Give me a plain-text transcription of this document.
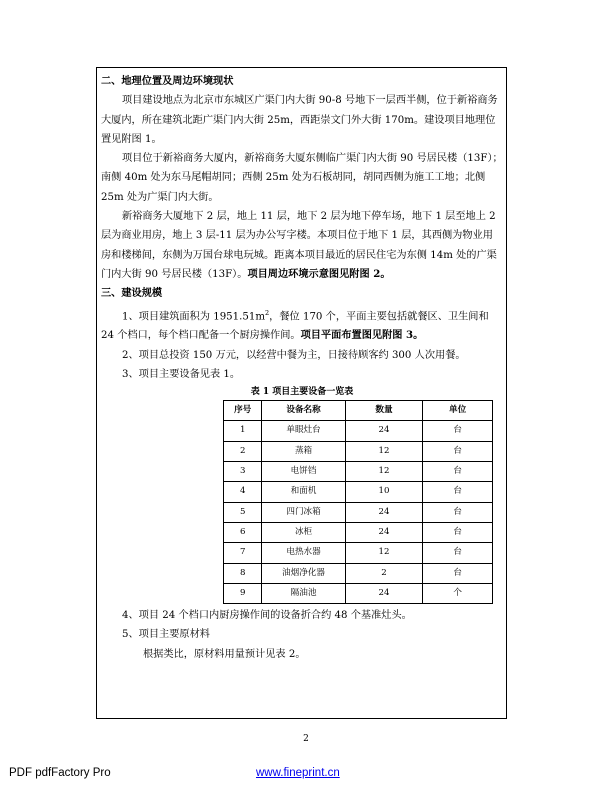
二、地理位置及周边环境现状

项目建设地点为北京市东城区广渠门内大街 90-8 号地下一层西半侧，位于新裕商务大厦内，所在建筑北距广渠门内大街 25m，西距崇文门外大街 170m。建设项目地理位置见附图 1。

项目位于新裕商务大厦内，新裕商务大厦东侧临广渠门内大街 90 号居民楼（13F）；南侧 40m 处为东马尾帽胡同；西侧 25m 处为石板胡同，胡同西侧为施工工地；北侧 25m 处为广渠门内大街。

新裕商务大厦地下 2 层，地上 11 层，地下 2 层为地下停车场，地下 1 层至地上 2 层为商业用房，地上 3 层-11 层为办公写字楼。本项目位于地下 1 层，其西侧为物业用房和楼梯间，东侧为万国台球电玩城。距离本项目最近的居民住宅为东侧 14m 处的广渠门内大街 90 号居民楼（13F）。项目周边环境示意图见附图 2。

三、建设规模

1、项目建筑面积为 $1951.51m^2$，餐位 170 个，平面主要包括就餐区、卫生间和 24 个档口，每个档口配备一个厨房操作间。项目平面布置图见附图 3。

2、项目总投资 150 万元，以经营中餐为主，日接待顾客约 300 人次用餐。

3、项目主要设备见表 1。

表 1 项目主要设备一览表
序号	设备名称	数量	单位
1	单眼灶台	24	台
2	蒸箱	12	台
3	电饼铛	12	台
4	和面机	10	台
5	四门冰箱	24	台
6	冰柜	24	台
7	电热水器	12	台
8	油烟净化器	2	台
9	隔油池	24	个

4、项目 24 个档口内厨房操作间的设备折合约 48 个基准灶头。

5、项目主要原材料

根据类比，原材料用量预计见表 2。

2
PDF pdfFactory Pro	www.fineprint.cn
